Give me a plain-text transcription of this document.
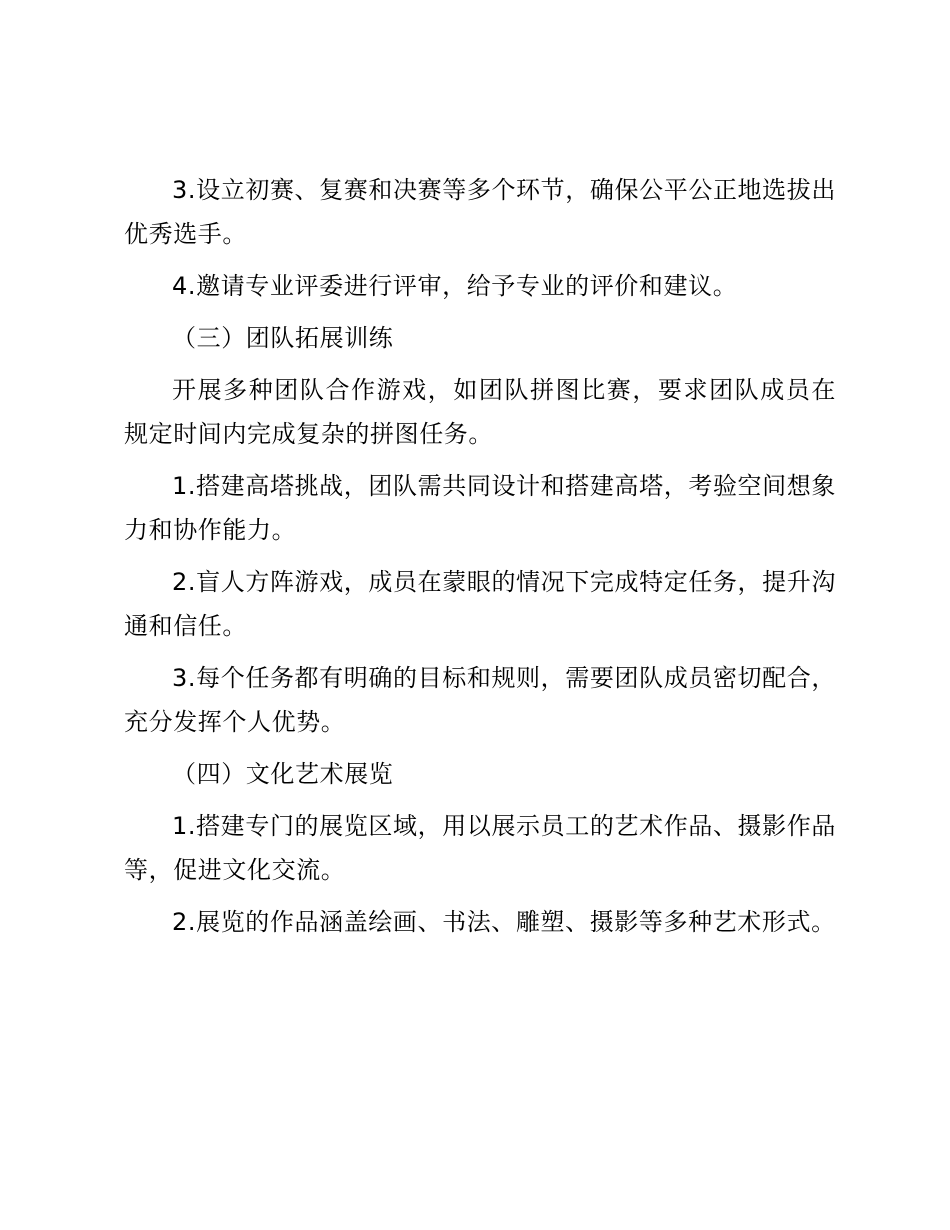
3.设立初赛、复赛和决赛等多个环节，确保公平公正地选拔出优秀选手。

4.邀请专业评委进行评审，给予专业的评价和建议。

（三）团队拓展训练

开展多种团队合作游戏，如团队拼图比赛，要求团队成员在规定时间内完成复杂的拼图任务。

1.搭建高塔挑战，团队需共同设计和搭建高塔，考验空间想象力和协作能力。

2.盲人方阵游戏，成员在蒙眼的情况下完成特定任务，提升沟通和信任。

3.每个任务都有明确的目标和规则，需要团队成员密切配合，充分发挥个人优势。

（四）文化艺术展览

1.搭建专门的展览区域，用以展示员工的艺术作品、摄影作品等，促进文化交流。

2.展览的作品涵盖绘画、书法、雕塑、摄影等多种艺术形式。
